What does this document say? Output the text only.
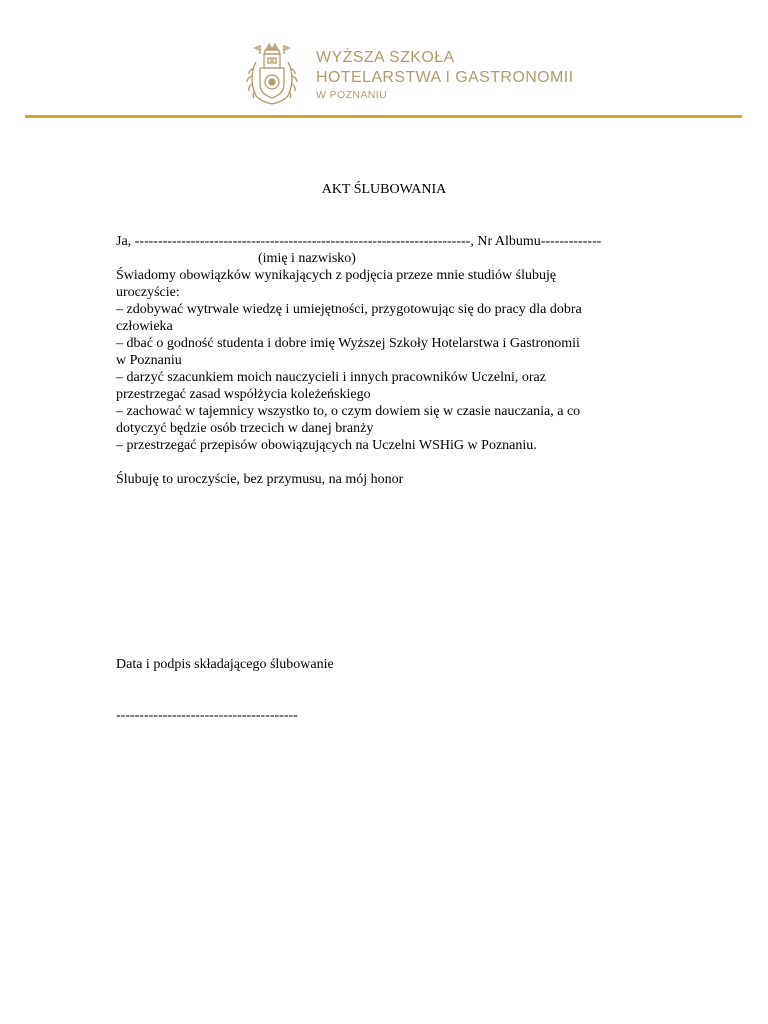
WYŻSZA SZKOŁA
HOTELARSTWA I GASTRONOMII
W POZNANIU
AKT ŚLUBOWANIA
Ja, ------------------------------------------------------------------------, Nr Albumu-------------
(imię i nazwisko)
Świadomy obowiązków wynikających z podjęcia przeze mnie studiów ślubuję
uroczyście:
– zdobywać wytrwale wiedzę i umiejętności, przygotowując się do pracy dla dobra
człowieka
– dbać o godność studenta i dobre imię Wyższej Szkoły Hotelarstwa i Gastronomii
w Poznaniu
– darzyć szacunkiem moich nauczycieli i innych pracowników Uczelni, oraz
przestrzegać zasad współżycia koleżeńskiego
– zachować w tajemnicy wszystko to, o czym dowiem się w czasie nauczania, a co
dotyczyć będzie osób trzecich w danej branży
– przestrzegać przepisów obowiązujących na Uczelni WSHiG w Poznaniu.
Ślubuję to uroczyście, bez przymusu, na mój honor
Data i podpis składającego ślubowanie
---------------------------------------
